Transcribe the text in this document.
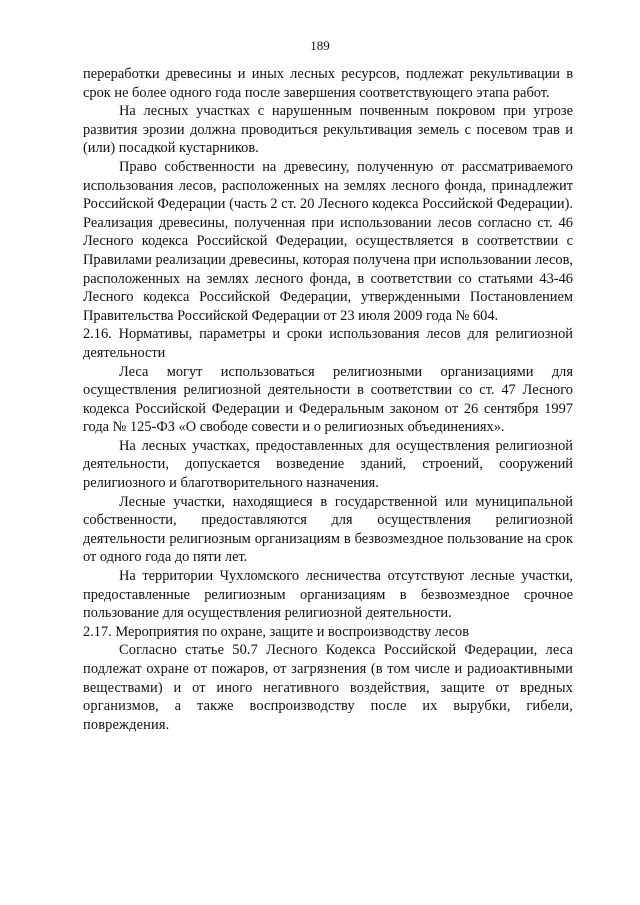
189

переработки древесины и иных лесных ресурсов, подлежат рекультивации в срок не более одного года после завершения соответствующего этапа работ.

На лесных участках с нарушенным почвенным покровом при угрозе развития эрозии должна проводиться рекультивация земель с посевом трав и (или) посадкой кустарников.

Право собственности на древесину, полученную от рассматриваемого использования лесов, расположенных на землях лесного фонда, принадлежит Российской Федерации (часть 2 ст. 20 Лесного кодекса Российской Федерации). Реализация древесины, полученная при использовании лесов согласно ст. 46 Лесного кодекса Российской Федерации, осуществляется в соответствии с Правилами реализации древесины, которая получена при использовании лесов, расположенных на землях лесного фонда, в соответствии со статьями 43-46 Лесного кодекса Российской Федерации, утвержденными Постановлением Правительства Российской Федерации от 23 июля 2009 года № 604.

2.16. Нормативы, параметры и сроки использования лесов для религиозной деятельности

Леса могут использоваться религиозными организациями для осуществления религиозной деятельности в соответствии со ст. 47 Лесного кодекса Российской Федерации и Федеральным законом от 26 сентября 1997 года № 125-ФЗ «О свободе совести и о религиозных объединениях».

На лесных участках, предоставленных для осуществления религиозной деятельности, допускается возведение зданий, строений, сооружений религиозного и благотворительного назначения.

Лесные участки, находящиеся в государственной или муниципальной собственности, предоставляются для осуществления религиозной деятельности религиозным организациям в безвозмездное пользование на срок от одного года до пяти лет.

На территории Чухломского лесничества отсутствуют лесные участки, предоставленные религиозным организациям в безвозмездное срочное пользование для осуществления религиозной деятельности.

2.17. Мероприятия по охране, защите и воспроизводству лесов

Согласно статье 50.7 Лесного Кодекса Российской Федерации, леса подлежат охране от пожаров, от загрязнения (в том числе и радиоактивными веществами) и от иного негативного воздействия, защите от вредных организмов, а также воспроизводству после их вырубки, гибели, повреждения.
